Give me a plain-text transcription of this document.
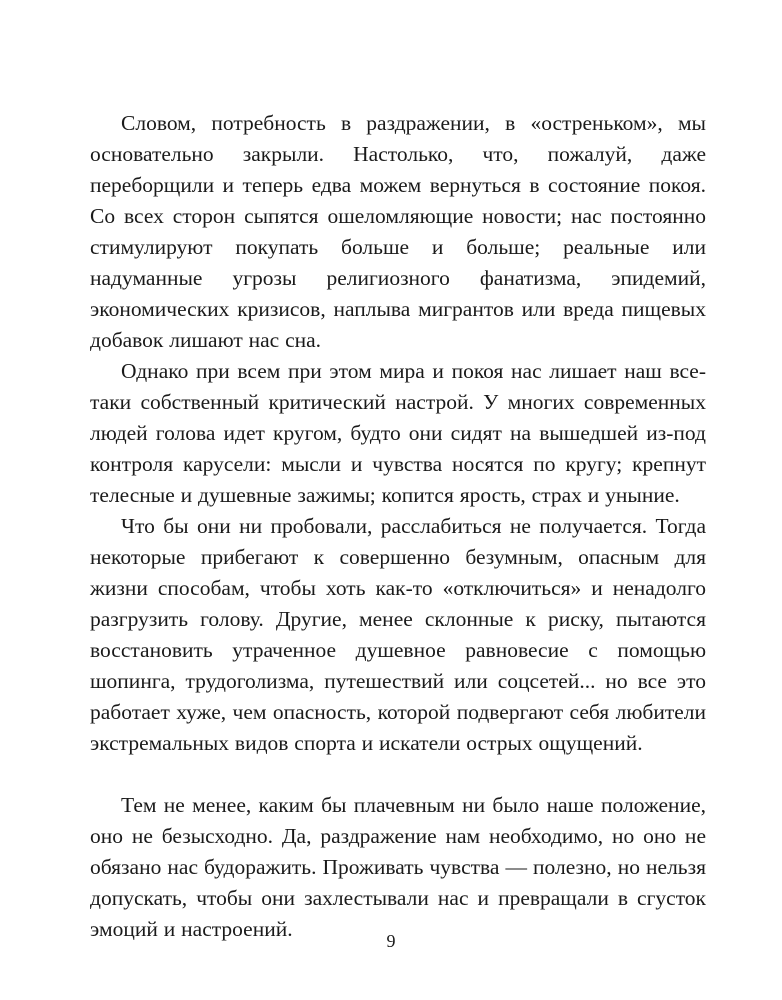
Словом, потребность в раздражении, в «остреньком», мы основательно закрыли. Настолько, что, пожалуй, даже переборщили и теперь едва можем вернуться в состояние покоя. Со всех сторон сыпятся ошеломляющие новости; нас постоянно стимулируют покупать больше и больше; реальные или надуманные угрозы религиозного фанатизма, эпидемий, экономических кризисов, наплыва мигрантов или вреда пищевых добавок лишают нас сна.

Однако при всем при этом мира и покоя нас лишает наш все-таки собственный критический настрой. У многих современных людей голова идет кругом, будто они сидят на вышедшей из-под контроля карусели: мысли и чувства носятся по кругу; крепнут телесные и душевные зажимы; копится ярость, страх и уныние.

Что бы они ни пробовали, расслабиться не получается. Тогда некоторые прибегают к совершенно безумным, опасным для жизни способам, чтобы хоть как-то «отключиться» и ненадолго разгрузить голову. Другие, менее склонные к риску, пытаются восстановить утраченное душевное равновесие с помощью шопинга, трудоголизма, путешествий или соцсетей... но все это работает хуже, чем опасность, которой подвергают себя любители экстремальных видов спорта и искатели острых ощущений.

Тем не менее, каким бы плачевным ни было наше положение, оно не безысходно. Да, раздражение нам необходимо, но оно не обязано нас будоражить. Проживать чувства — полезно, но нельзя допускать, чтобы они захлестывали нас и превращали в сгусток эмоций и настроений.	9
